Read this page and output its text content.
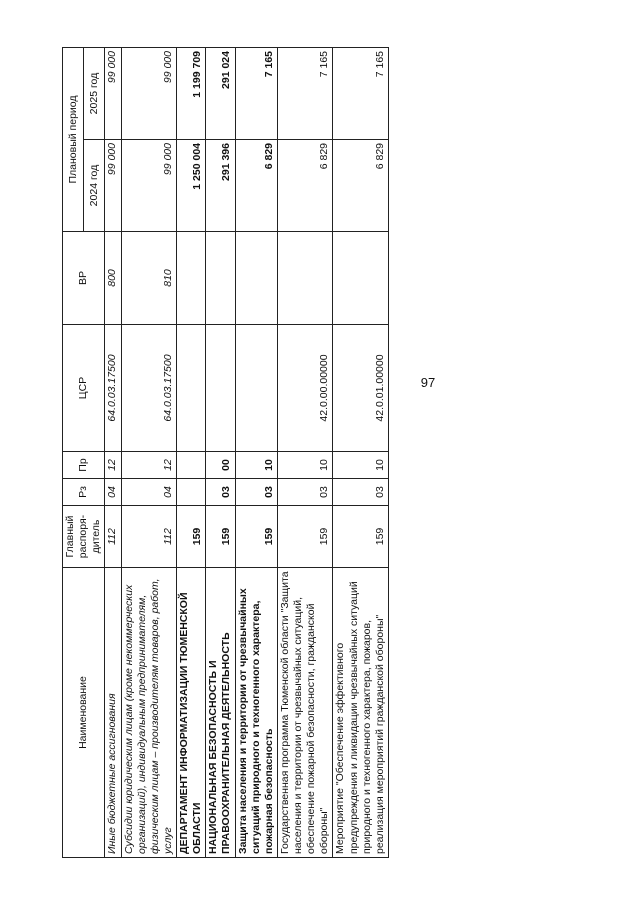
97
Наименование	Главный распоря-дитель	Рз	Пр	ЦСР	ВР	Плановый период	
						2024 год	2025 год
Иные бюджетные ассигнования	112	04	12	64.0.03.17500	800	99 000	99 000
Субсидии юридическим лицам (кроме некоммерческих организаций), индивидуальным предпринимателям, физическим лицам – производителям товаров, работ, услуг	112	04	12	64.0.03.17500	810	99 000	99 000
ДЕПАРТАМЕНТ ИНФОРМАТИЗАЦИИ ТЮМЕНСКОЙ ОБЛАСТИ	159					1 250 004	1 199 709
НАЦИОНАЛЬНАЯ БЕЗОПАСНОСТЬ И ПРАВООХРАНИТЕЛЬНАЯ ДЕЯТЕЛЬНОСТЬ	159	03	00			291 396	291 024
Защита населения и территории от чрезвычайных ситуаций природного и техногенного характера, пожарная безопасность	159	03	10			6 829	7 165
Государственная программа Тюменской области "Защита населения и территории от чрезвычайных ситуаций, обеспечение пожарной безопасности, гражданской обороны"	159	03	10	42.0.00.00000		6 829	7 165
Мероприятие "Обеспечение эффективного предупреждения и ликвидации чрезвычайных ситуаций природного и техногенного характера, пожаров, реализация мероприятий гражданской обороны"	159	03	10	42.0.01.00000		6 829	7 165
